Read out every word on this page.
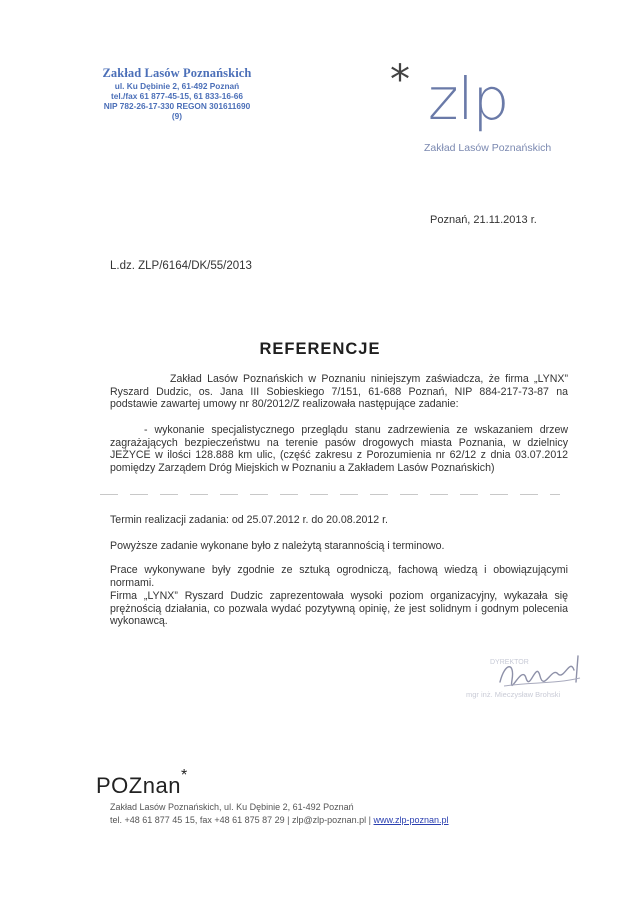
Zakład Lasów Poznańskich
ul. Ku Dębinie 2, 61-492 Poznań
tel./fax 61 877-45-15, 61 833-16-66
NIP 782-26-17-330 REGON 301611690
(9)
* zlp
Zakład Lasów Poznańskich
Poznań, 21.11.2013 r.
L.dz. ZLP/6164/DK/55/2013
REFERENCJE
Zakład Lasów Poznańskich w Poznaniu niniejszym zaświadcza, że firma „LYNX” Ryszard Dudzic, os. Jana III Sobieskiego 7/151, 61-688 Poznań, NIP 884-217-73-87 na podstawie zawartej umowy nr 80/2012/Z realizowała następujące zadanie:
- wykonanie specjalistycznego przeglądu stanu zadrzewienia ze wskazaniem drzew zagrażających bezpieczeństwu na terenie pasów drogowych miasta Poznania, w dzielnicy JEŻYCE w ilości 128.888 km ulic, (część zakresu z Porozumienia nr 62/12 z dnia 03.07.2012 pomiędzy Zarządem Dróg Miejskich w Poznaniu a Zakładem Lasów Poznańskich)
Termin realizacji zadania: od 25.07.2012 r. do 20.08.2012 r.
Powyższe zadanie wykonane było z należytą starannością i terminowo.
Prace wykonywane były zgodnie ze sztuką ogrodniczą, fachową wiedzą i obowiązującymi normami.
Firma „LYNX” Ryszard Dudzic zaprezentowała wysoki poziom organizacyjny, wykazała się prężnością działania, co pozwala wydać pozytywną opinię, że jest solidnym i godnym polecenia wykonawcą.
DYREKTOR
mgr inż. Mieczysław Brohski
POZnan*
Zakład Lasów Poznańskich, ul. Ku Dębinie 2, 61-492 Poznań
tel. +48 61 877 45 15, fax +48 61 875 87 29 | zlp@zlp-poznan.pl | www.zlp-poznan.pl
